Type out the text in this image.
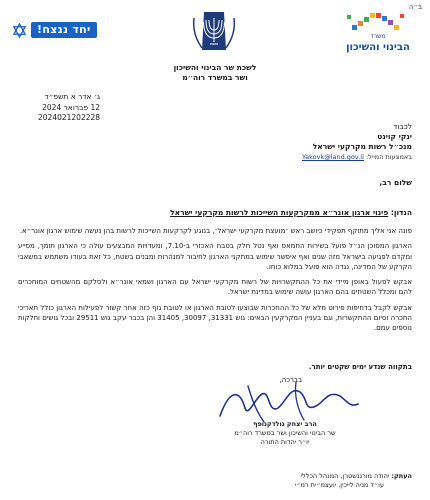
ב״ה
משרד
הבינוי והשיכון
יחד ננצח!
לשכת שר הבינוי והשיכון
ושר במשרד רוה״מ
ג׳ אדר א תשפ״ד
12 פברואר 2024
2024021202228
לכבוד
ינקי קוינט
מנכ״ל רשות מקרקעי ישראל
באמצעות המייל: Yakovk@land.gov.il
שלום רב,
הנדון: פינוי ארגון אונר״א ממקרקעות השייכות לרשות מקרקעי ישראל

פונה אני אליך מתוקף תפקידי כיושב ראש ׳מועצת מקרקעי ישראל׳, בנוגע לקרקעות השייכות לרשות בהן נעשה שימוש ארגון אונר״א.

הארגון המסוכן הנ״ל פועל בשירות החמאס ואף נטל חלק בטבח האכזרי ב-7.10, ומעדויות המבצעים עולה כי הארגון תומך, מסייע ומקדם לפגיעה בישראל מזה שנים ואף איפשר שימוש במתקני הארגון לחיבור למנהרות ומבנים בשטח, כל זאת בעודו משתמש במשאבי הקרקע של המדינה, נגדה הוא פועל במלוא כוחו.

אבקש לפעול באופן מיידי את כל ההתקשרויות של רשות מקרקעי ישראל עם הארגון ושמאי אונר״א ולסלקם מהשטחים המוחכרים להם ומכלל השטחים בהם הארגון עושה שימוש במדינת ישראל.

אבקש לקבל בדחיפות פירוט מלא של כל ההחכרות שבוצעו לטובת הארגון או לטובת גוף כזה אחר קשור לפעילות הארגון כולל תאריכי החכרה וסיום ההתקשרות, וגם בעניין המקרקעין הבאים: גוש 31331, 30097, 31405 והן בכבר עקב גוש 29511 ובכל גושים וחלקות נוספים עמם.

בתקווה שנדע ימים שקטים יותר.
בברכה,
הרב יצחק גולדקנופף
שר הבינוי והשיכון ושר במשרד רוה״מ
יו״ר יהדות התורה
העתק: יהודה מורגנשטרן, המנהל הכללי
עו״ד מניה לייכין, יועצמ״ית רמ״י
